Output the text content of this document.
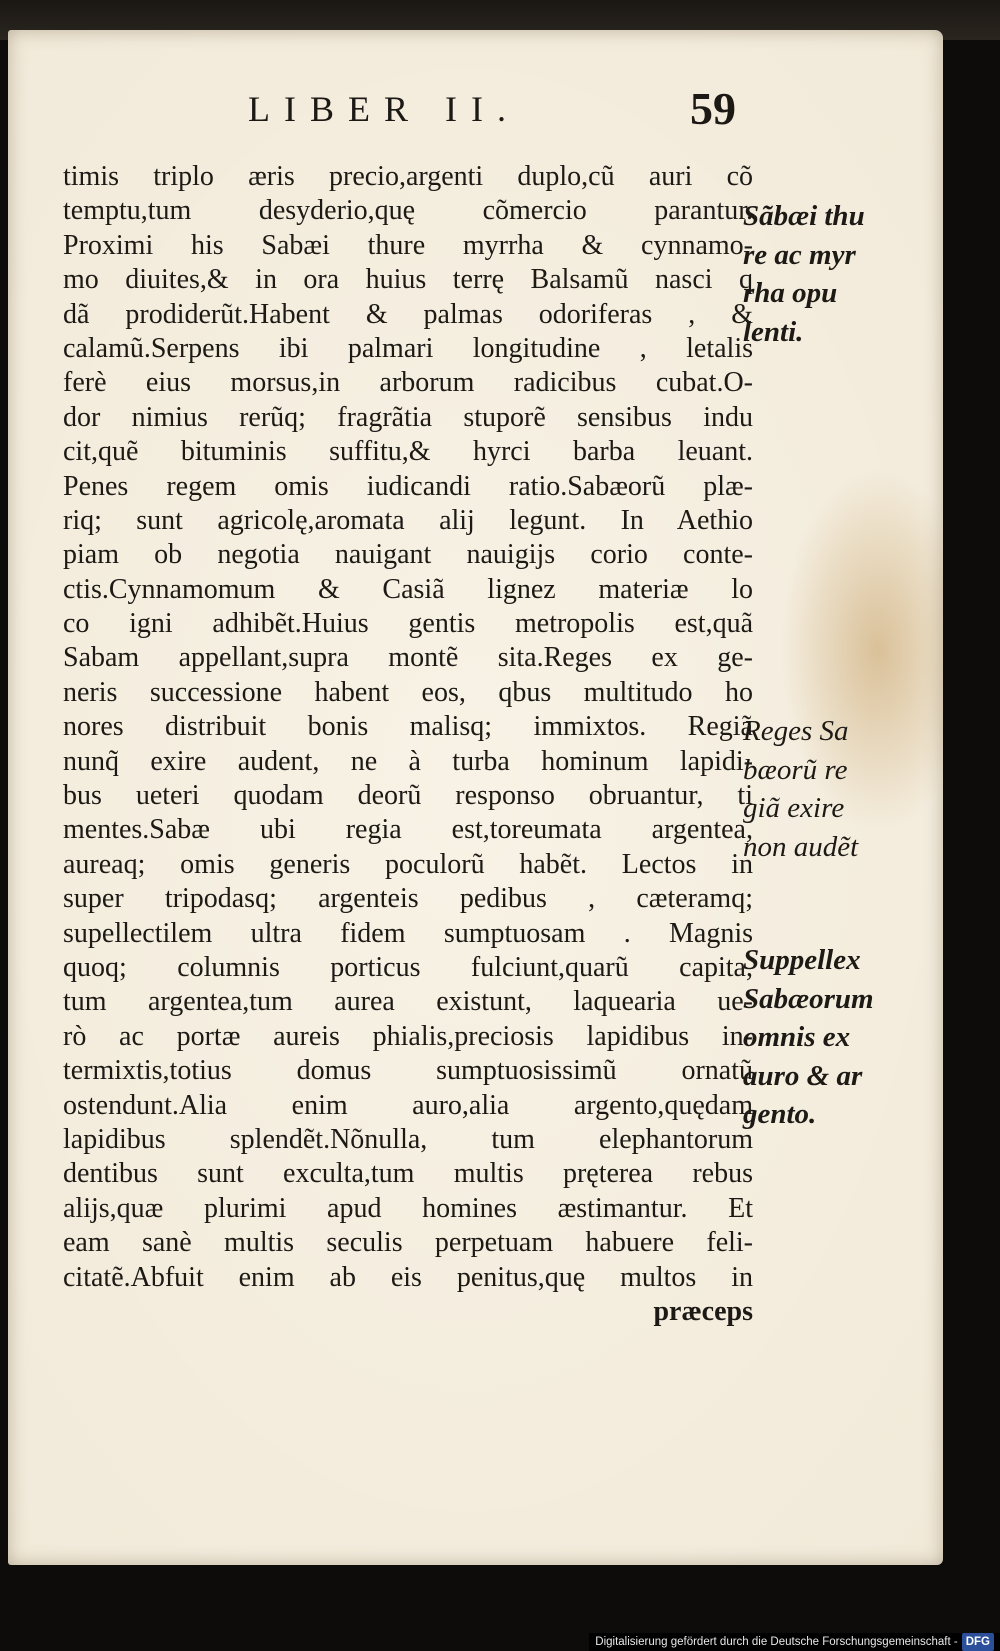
LIBER II.	59
timis triplo æris precio,argenti duplo,cũ auri cõ
temptu,tum desyderio,quę cõmercio parantur.
Proximi his Sabæi thure myrrha & cynnamo-
mo diuites,& in ora huius terrę Balsamũ nasci q
dã prodiderũt.Habent & palmas odoriferas , &
calamũ.Serpens ibi palmari longitudine , letalis
ferè eius morsus,in arborum radicibus cubat.O-
dor nimius rerũq; fragrãtia stuporẽ sensibus indu
cit,quẽ bituminis suffitu,& hyrci barba leuant.
Penes regem omis iudicandi ratio.Sabæorũ plæ-
riq; sunt agricolę,aromata alij legunt. In Aethio
piam ob negotia nauigant nauigijs corio conte-
ctis.Cynnamomum & Casiã lignez materiæ lo
co igni adhibẽt.Huius gentis metropolis est,quã
Sabam appellant,supra montẽ sita.Reges ex ge-
neris successione habent eos, qbus multitudo ho
nores distribuit bonis malisq; immixtos. Regiã
nunq̃ exire audent, ne à turba hominum lapidi-
bus ueteri quodam deorũ responso obruantur, ti
mentes.Sabæ ubi regia est,toreumata argentea,
aureaq; omis generis poculorũ habẽt. Lectos in
super tripodasq; argenteis pedibus , cæteramq;
supellectilem ultra fidem sumptuosam . Magnis
quoq; columnis porticus fulciunt,quarũ capita,
tum argentea,tum aurea existunt, laquearia ue-
rò ac portæ aureis phialis,preciosis lapidibus in-
termixtis,totius domus sumptuosissimũ ornatũ
ostendunt.Alia enim auro,alia argento,quędam
lapidibus splendẽt.Nõnulla, tum elephantorum
dentibus sunt exculta,tum multis pręterea rebus
alijs,quæ plurimi apud homines æstimantur. Et
eam sanè multis seculis perpetuam habuere feli-
citatẽ.Abfuit enim ab eis penitus,quę multos in
præceps
Sãbæi thu
re ac myr
rha opu
lenti.
Reges Sa
bæorũ re
giã exire
non audẽt
Suppellex
Sabæorum
omnis ex
auro & ar
gento.
Digitalisierung gefördert durch die Deutsche Forschungsgemeinschaft - DFG
